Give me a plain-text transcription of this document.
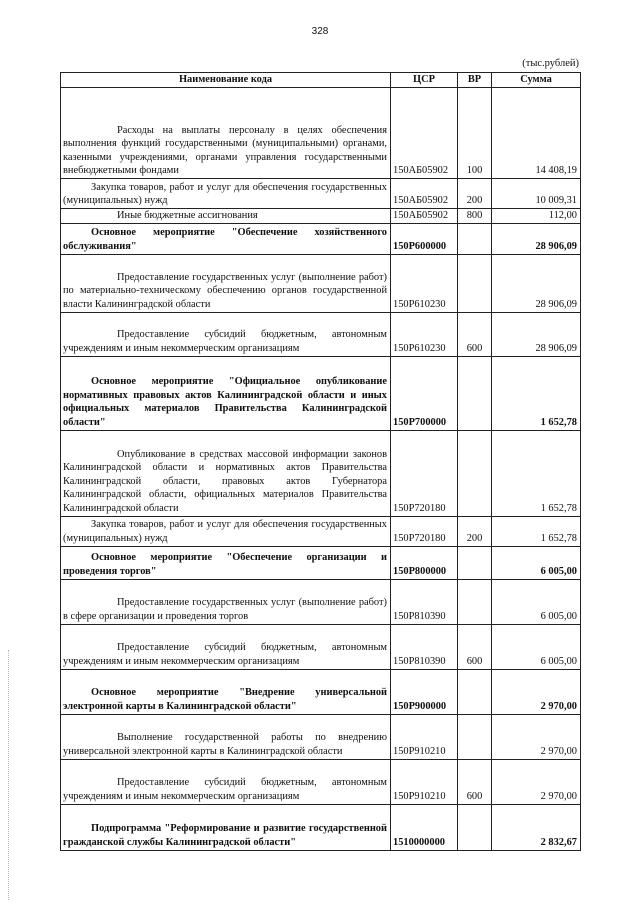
328
(тыс.рублей)
Наименование кода	ЦСР	ВР	Сумма
Расходы на выплаты персоналу в целях обеспечения выполнения функций государственными (муниципальными) органами, казенными учреждениями, органами управления государственными внебюджетными фондами	150АБ05902	100	14 408,19
Закупка товаров, работ и услуг для обеспечения государственных (муниципальных) нужд	150АБ05902	200	10 009,31
Иные бюджетные ассигнования	150АБ05902	800	112,00
Основное мероприятие "Обеспечение хозяйственного обслуживания"	150Р600000		28 906,09
Предоставление государственных услуг (выполнение работ) по материально-техническому обеспечению органов государственной власти Калининградской области	150Р610230		28 906,09
Предоставление субсидий бюджетным, автономным учреждениям и иным некоммерческим организациям	150Р610230	600	28 906,09
Основное мероприятие "Официальное опубликование нормативных правовых актов Калининградской области и иных официальных материалов Правительства Калининградской области"	150Р700000		1 652,78
Опубликование в средствах массовой информации законов Калининградской области и нормативных актов Правительства Калининградской области, правовых актов Губернатора Калининградской области, официальных материалов Правительства Калининградской области	150Р720180		1 652,78
Закупка товаров, работ и услуг для обеспечения государственных (муниципальных) нужд	150Р720180	200	1 652,78
Основное мероприятие "Обеспечение организации и проведения торгов"	150Р800000		6 005,00
Предоставление государственных услуг (выполнение работ) в сфере организации и проведения торгов	150Р810390		6 005,00
Предоставление субсидий бюджетным, автономным учреждениям и иным некоммерческим организациям	150Р810390	600	6 005,00
Основное мероприятие "Внедрение универсальной электронной карты в Калининградской области"	150Р900000		2 970,00
Выполнение государственной работы по внедрению универсальной электронной карты в Калининградской области	150Р910210		2 970,00
Предоставление субсидий бюджетным, автономным учреждениям и иным некоммерческим организациям	150Р910210	600	2 970,00
Подпрограмма "Реформирование и развитие государственной гражданской службы Калининградской области"	1510000000		2 832,67
